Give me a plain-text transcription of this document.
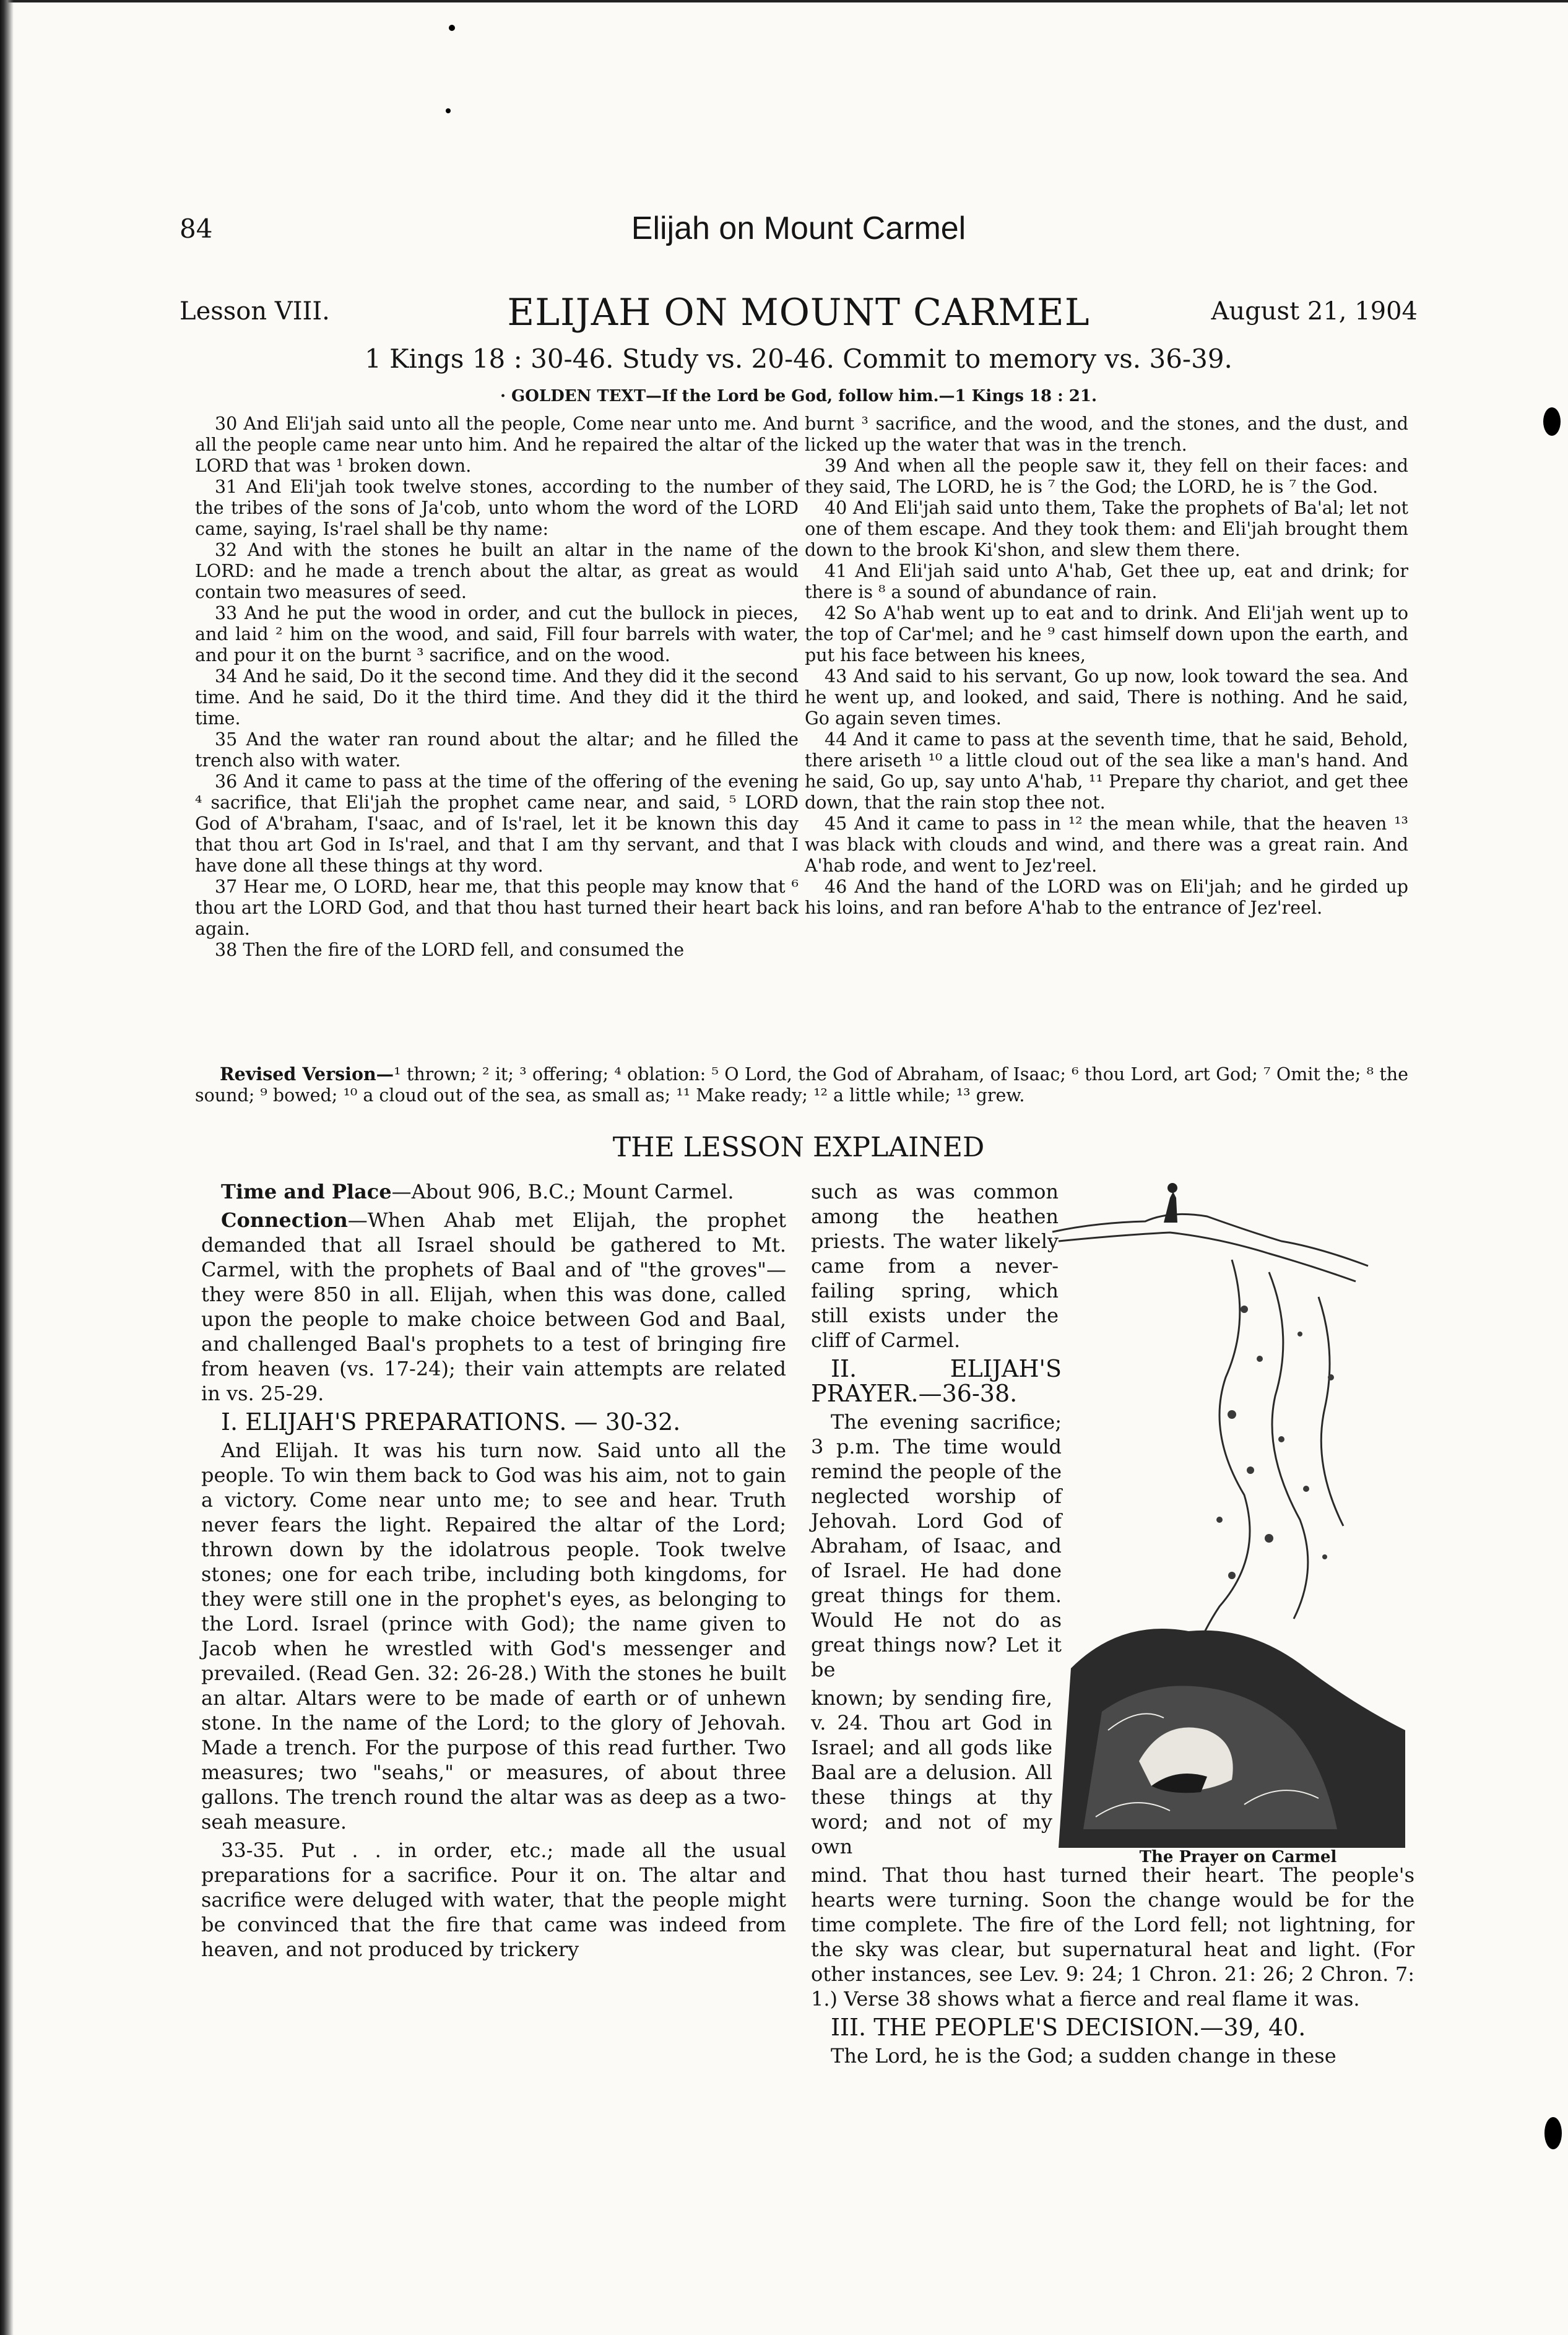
84	Elijah on Mount Carmel
Lesson VIII.	ELIJAH ON MOUNT CARMEL	August 21, 1904
1 Kings 18 : 30-46. Study vs. 20-46. Commit to memory vs. 36-39.
· GOLDEN TEXT—If the Lord be God, follow him.—1 Kings 18 : 21.

30 And Eli'jah said unto all the people, Come near unto me. And all the people came near unto him. And he repaired the altar of the LORD that was ¹ broken down.

31 And Eli'jah took twelve stones, according to the number of the tribes of the sons of Ja'cob, unto whom the word of the LORD came, saying, Is'rael shall be thy name:

32 And with the stones he built an altar in the name of the LORD: and he made a trench about the altar, as great as would contain two measures of seed.

33 And he put the wood in order, and cut the bullock in pieces, and laid ² him on the wood, and said, Fill four barrels with water, and pour it on the burnt ³ sacrifice, and on the wood.

34 And he said, Do it the second time. And they did it the second time. And he said, Do it the third time. And they did it the third time.

35 And the water ran round about the altar; and he filled the trench also with water.

36 And it came to pass at the time of the offering of the evening ⁴ sacrifice, that Eli'jah the prophet came near, and said, ⁵ LORD God of A'braham, I'saac, and of Is'rael, let it be known this day that thou art God in Is'rael, and that I am thy servant, and that I have done all these things at thy word.

37 Hear me, O LORD, hear me, that this people may know that ⁶ thou art the LORD God, and that thou hast turned their heart back again.

38 Then the fire of the LORD fell, and consumed the

burnt ³ sacrifice, and the wood, and the stones, and the dust, and licked up the water that was in the trench.

39 And when all the people saw it, they fell on their faces: and they said, The LORD, he is ⁷ the God; the LORD, he is ⁷ the God.

40 And Eli'jah said unto them, Take the prophets of Ba'al; let not one of them escape. And they took them: and Eli'jah brought them down to the brook Ki'shon, and slew them there.

41 And Eli'jah said unto A'hab, Get thee up, eat and drink; for there is ⁸ a sound of abundance of rain.

42 So A'hab went up to eat and to drink. And Eli'jah went up to the top of Car'mel; and he ⁹ cast himself down upon the earth, and put his face between his knees,

43 And said to his servant, Go up now, look toward the sea. And he went up, and looked, and said, There is nothing. And he said, Go again seven times.

44 And it came to pass at the seventh time, that he said, Behold, there ariseth ¹⁰ a little cloud out of the sea like a man's hand. And he said, Go up, say unto A'hab, ¹¹ Prepare thy chariot, and get thee down, that the rain stop thee not.

45 And it came to pass in ¹² the mean while, that the heaven ¹³ was black with clouds and wind, and there was a great rain. And A'hab rode, and went to Jez'reel.

46 And the hand of the LORD was on Eli'jah; and he girded up his loins, and ran before A'hab to the entrance of Jez'reel.

Revised Version—¹ thrown; ² it; ³ offering; ⁴ oblation: ⁵ O Lord, the God of Abraham, of Isaac; ⁶ thou Lord, art God; ⁷ Omit the; ⁸ the sound; ⁹ bowed; ¹⁰ a cloud out of the sea, as small as; ¹¹ Make ready; ¹² a little while; ¹³ grew.
THE LESSON EXPLAINED

Time and Place—About 906, B.C.; Mount Carmel.

Connection—When Ahab met Elijah, the prophet demanded that all Israel should be gathered to Mt. Carmel, with the prophets of Baal and of "the groves"—they were 850 in all. Elijah, when this was done, called upon the people to make choice between God and Baal, and challenged Baal's prophets to a test of bringing fire from heaven (vs. 17-24); their vain attempts are related in vs. 25-29.

I. ELIJAH'S PREPARATIONS. — 30-32.

And Elijah. It was his turn now. Said unto all the people. To win them back to God was his aim, not to gain a victory. Come near unto me; to see and hear. Truth never fears the light. Repaired the altar of the Lord; thrown down by the idolatrous people. Took twelve stones; one for each tribe, including both kingdoms, for they were still one in the prophet's eyes, as belonging to the Lord. Israel (prince with God); the name given to Jacob when he wrestled with God's messenger and prevailed. (Read Gen. 32: 26-28.) With the stones he built an altar. Altars were to be made of earth or of unhewn stone. In the name of the Lord; to the glory of Jehovah. Made a trench. For the purpose of this read further. Two measures; two "seahs," or measures, of about three gallons. The trench round the altar was as deep as a two-seah measure.

33-35. Put . . in order, etc.; made all the usual preparations for a sacrifice. Pour it on. The altar and sacrifice were deluged with water, that the people might be convinced that the fire that came was indeed from heaven, and not produced by trickery

such as was common among the heathen priests. The water likely came from a never-failing spring, which still exists under the cliff of Carmel.

II. ELIJAH'S PRAYER.—36-38.

The evening sacrifice; 3 p.m. The time would remind the people of the neglected worship of Jehovah. Lord God of Abraham, of Isaac, and of Israel. He had done great things for them. Would He not do as great things now? Let it be

known; by sending fire, v. 24. Thou art God in Israel; and all gods like Baal are a delusion. All these things at thy word; and not of my own

mind. That thou hast turned their heart. The people's hearts were turning. Soon the change would be for the time complete. The fire of the Lord fell; not lightning, for the sky was clear, but supernatural heat and light. (For other instances, see Lev. 9: 24; 1 Chron. 21: 26; 2 Chron. 7: 1.) Verse 38 shows what a fierce and real flame it was.

III. THE PEOPLE'S DECISION.—39, 40.

The Lord, he is the God; a sudden change in these

The Prayer on Carmel
